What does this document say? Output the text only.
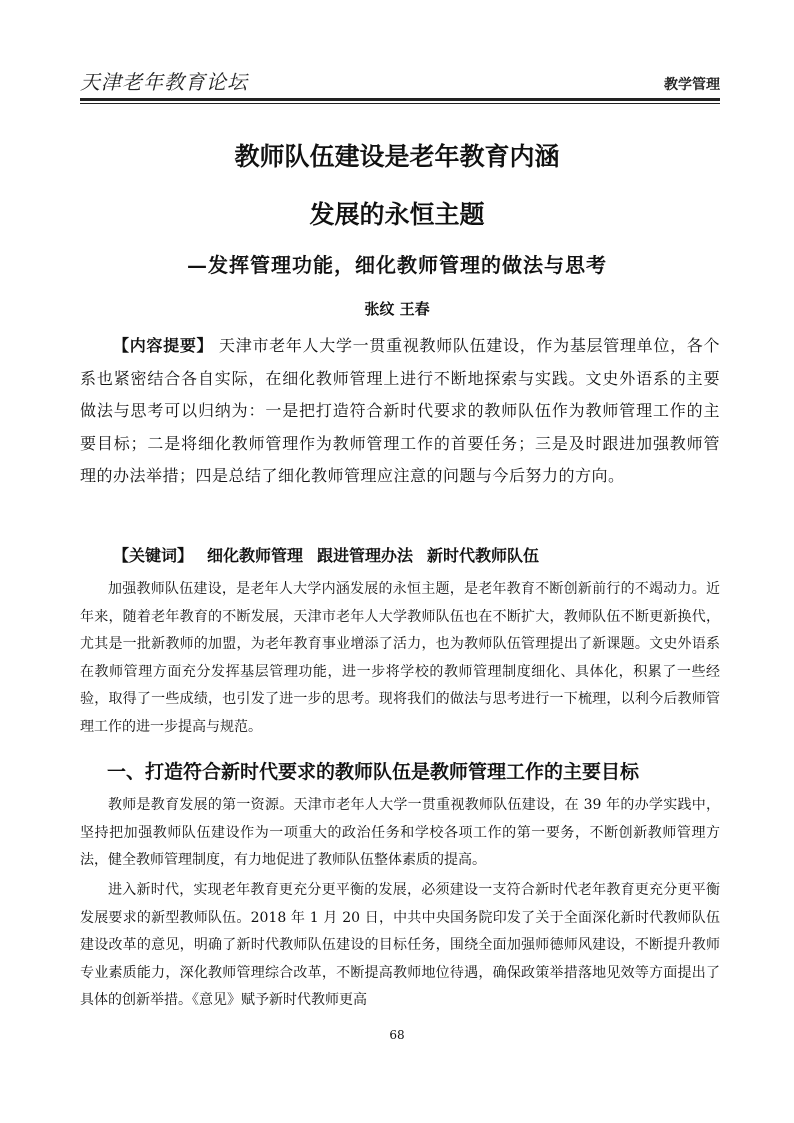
天津老年教育论坛	教学管理
教师队伍建设是老年教育内涵
发展的永恒主题
—发挥管理功能，细化教师管理的做法与思考
张纹 王春

【内容提要】 天津市老年人大学一贯重视教师队伍建设，作为基层管理单位，各个系也紧密结合各自实际，在细化教师管理上进行不断地探索与实践。文史外语系的主要做法与思考可以归纳为：一是把打造符合新时代要求的教师队伍作为教师管理工作的主要目标；二是将细化教师管理作为教师管理工作的首要任务；三是及时跟进加强教师管理的办法举措；四是总结了细化教师管理应注意的问题与今后努力的方向。

【关键词】 细化教师管理 跟进管理办法 新时代教师队伍

加强教师队伍建设，是老年人大学内涵发展的永恒主题，是老年教育不断创新前行的不竭动力。近年来，随着老年教育的不断发展，天津市老年人大学教师队伍也在不断扩大，教师队伍不断更新换代，尤其是一批新教师的加盟，为老年教育事业增添了活力，也为教师队伍管理提出了新课题。文史外语系在教师管理方面充分发挥基层管理功能，进一步将学校的教师管理制度细化、具体化，积累了一些经验，取得了一些成绩，也引发了进一步的思考。现将我们的做法与思考进行一下梳理，以利今后教师管理工作的进一步提高与规范。

一、打造符合新时代要求的教师队伍是教师管理工作的主要目标

教师是教育发展的第一资源。天津市老年人大学一贯重视教师队伍建设，在 39 年的办学实践中，坚持把加强教师队伍建设作为一项重大的政治任务和学校各项工作的第一要务，不断创新教师管理方法，健全教师管理制度，有力地促进了教师队伍整体素质的提高。

进入新时代，实现老年教育更充分更平衡的发展，必须建设一支符合新时代老年教育更充分更平衡发展要求的新型教师队伍。2018 年 1 月 20 日，中共中央国务院印发了关于全面深化新时代教师队伍建设改革的意见，明确了新时代教师队伍建设的目标任务，围绕全面加强师德师风建设，不断提升教师专业素质能力，深化教师管理综合改革，不断提高教师地位待遇，确保政策举措落地见效等方面提出了具体的创新举措。《意见》赋予新时代教师更高

68
